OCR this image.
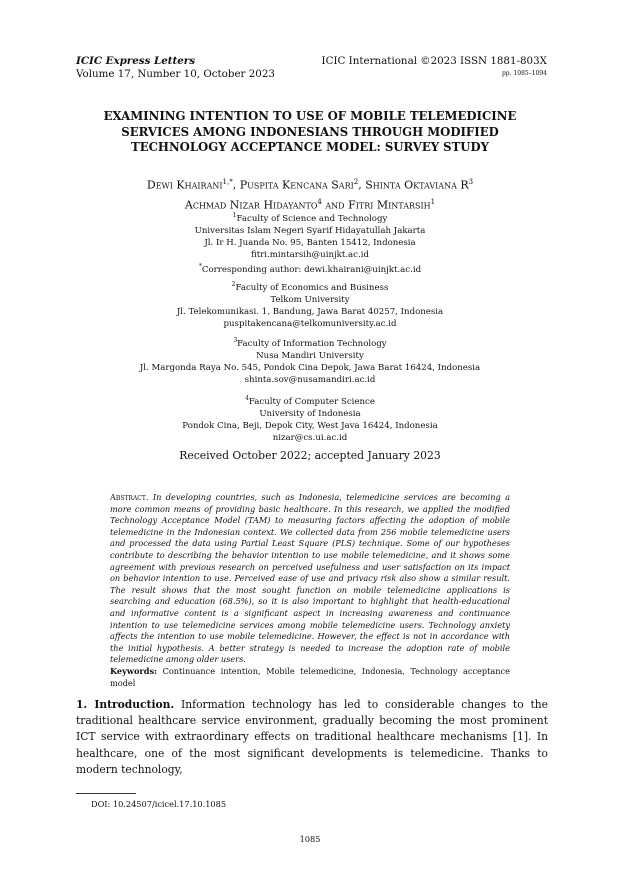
ICIC Express Letters
Volume 17, Number 10, October 2023
ICIC International ©2023 ISSN 1881-803X
pp. 1085–1094
EXAMINING INTENTION TO USE OF MOBILE TELEMEDICINE
SERVICES AMONG INDONESIANS THROUGH MODIFIED
TECHNOLOGY ACCEPTANCE MODEL: SURVEY STUDY
Dewi Khairani$^{1,*}$, Puspita Kencana Sari$^2$, Shinta Oktaviana $R^3$
Achmad Nizar Hidayanto$^4$ and Fitri Mintarsih$^1$
$^1$Faculty of Science and Technology
Universitas Islam Negeri Syarif Hidayatullah Jakarta
Jl. Ir H. Juanda No. 95, Banten 15412, Indonesia
fitri.mintarsih@uinjkt.ac.id
*Corresponding author: dewi.khairani@uinjkt.ac.id
$^2$Faculty of Economics and Business
Telkom University
Jl. Telekomunikasi. 1, Bandung, Jawa Barat 40257, Indonesia
puspitakencana@telkomuniversity.ac.id
$^3$Faculty of Information Technology
Nusa Mandiri University
Jl. Margonda Raya No. 545, Pondok Cina Depok, Jawa Barat 16424, Indonesia
shinta.sov@nusamandiri.ac.id
$^4$Faculty of Computer Science
University of Indonesia
Pondok Cina, Beji, Depok City, West Java 16424, Indonesia
nizar@cs.ui.ac.id
Received October 2022; accepted January 2023
Abstract. In developing countries, such as Indonesia, telemedicine services are becoming a more common means of providing basic healthcare. In this research, we applied the modified Technology Acceptance Model (TAM) to measuring factors affecting the adoption of mobile telemedicine in the Indonesian context. We collected data from 256 mobile telemedicine users and processed the data using Partial Least Square (PLS) technique. Some of our hypotheses contribute to describing the behavior intention to use mobile telemedicine, and it shows some agreement with previous research on perceived usefulness and user satisfaction on its impact on behavior intention to use. Perceived ease of use and privacy risk also show a similar result. The result shows that the most sought function on mobile telemedicine applications is searching and education (68.5%), so it is also important to highlight that health-educational and informative content is a significant aspect in increasing awareness and continuance intention to use telemedicine services among mobile telemedicine users. Technology anxiety affects the intention to use mobile telemedicine. However, the effect is not in accordance with the initial hypothesis. A better strategy is needed to increase the adoption rate of mobile telemedicine among older users.
Keywords: Continuance intention, Mobile telemedicine, Indonesia, Technology acceptance model
1. Introduction. Information technology has led to considerable changes to the traditional healthcare service environment, gradually becoming the most prominent ICT service with extraordinary effects on traditional healthcare mechanisms [1]. In healthcare, one of the most significant developments is telemedicine. Thanks to modern technology,
DOI: 10.24507/icicel.17.10.1085
1085
